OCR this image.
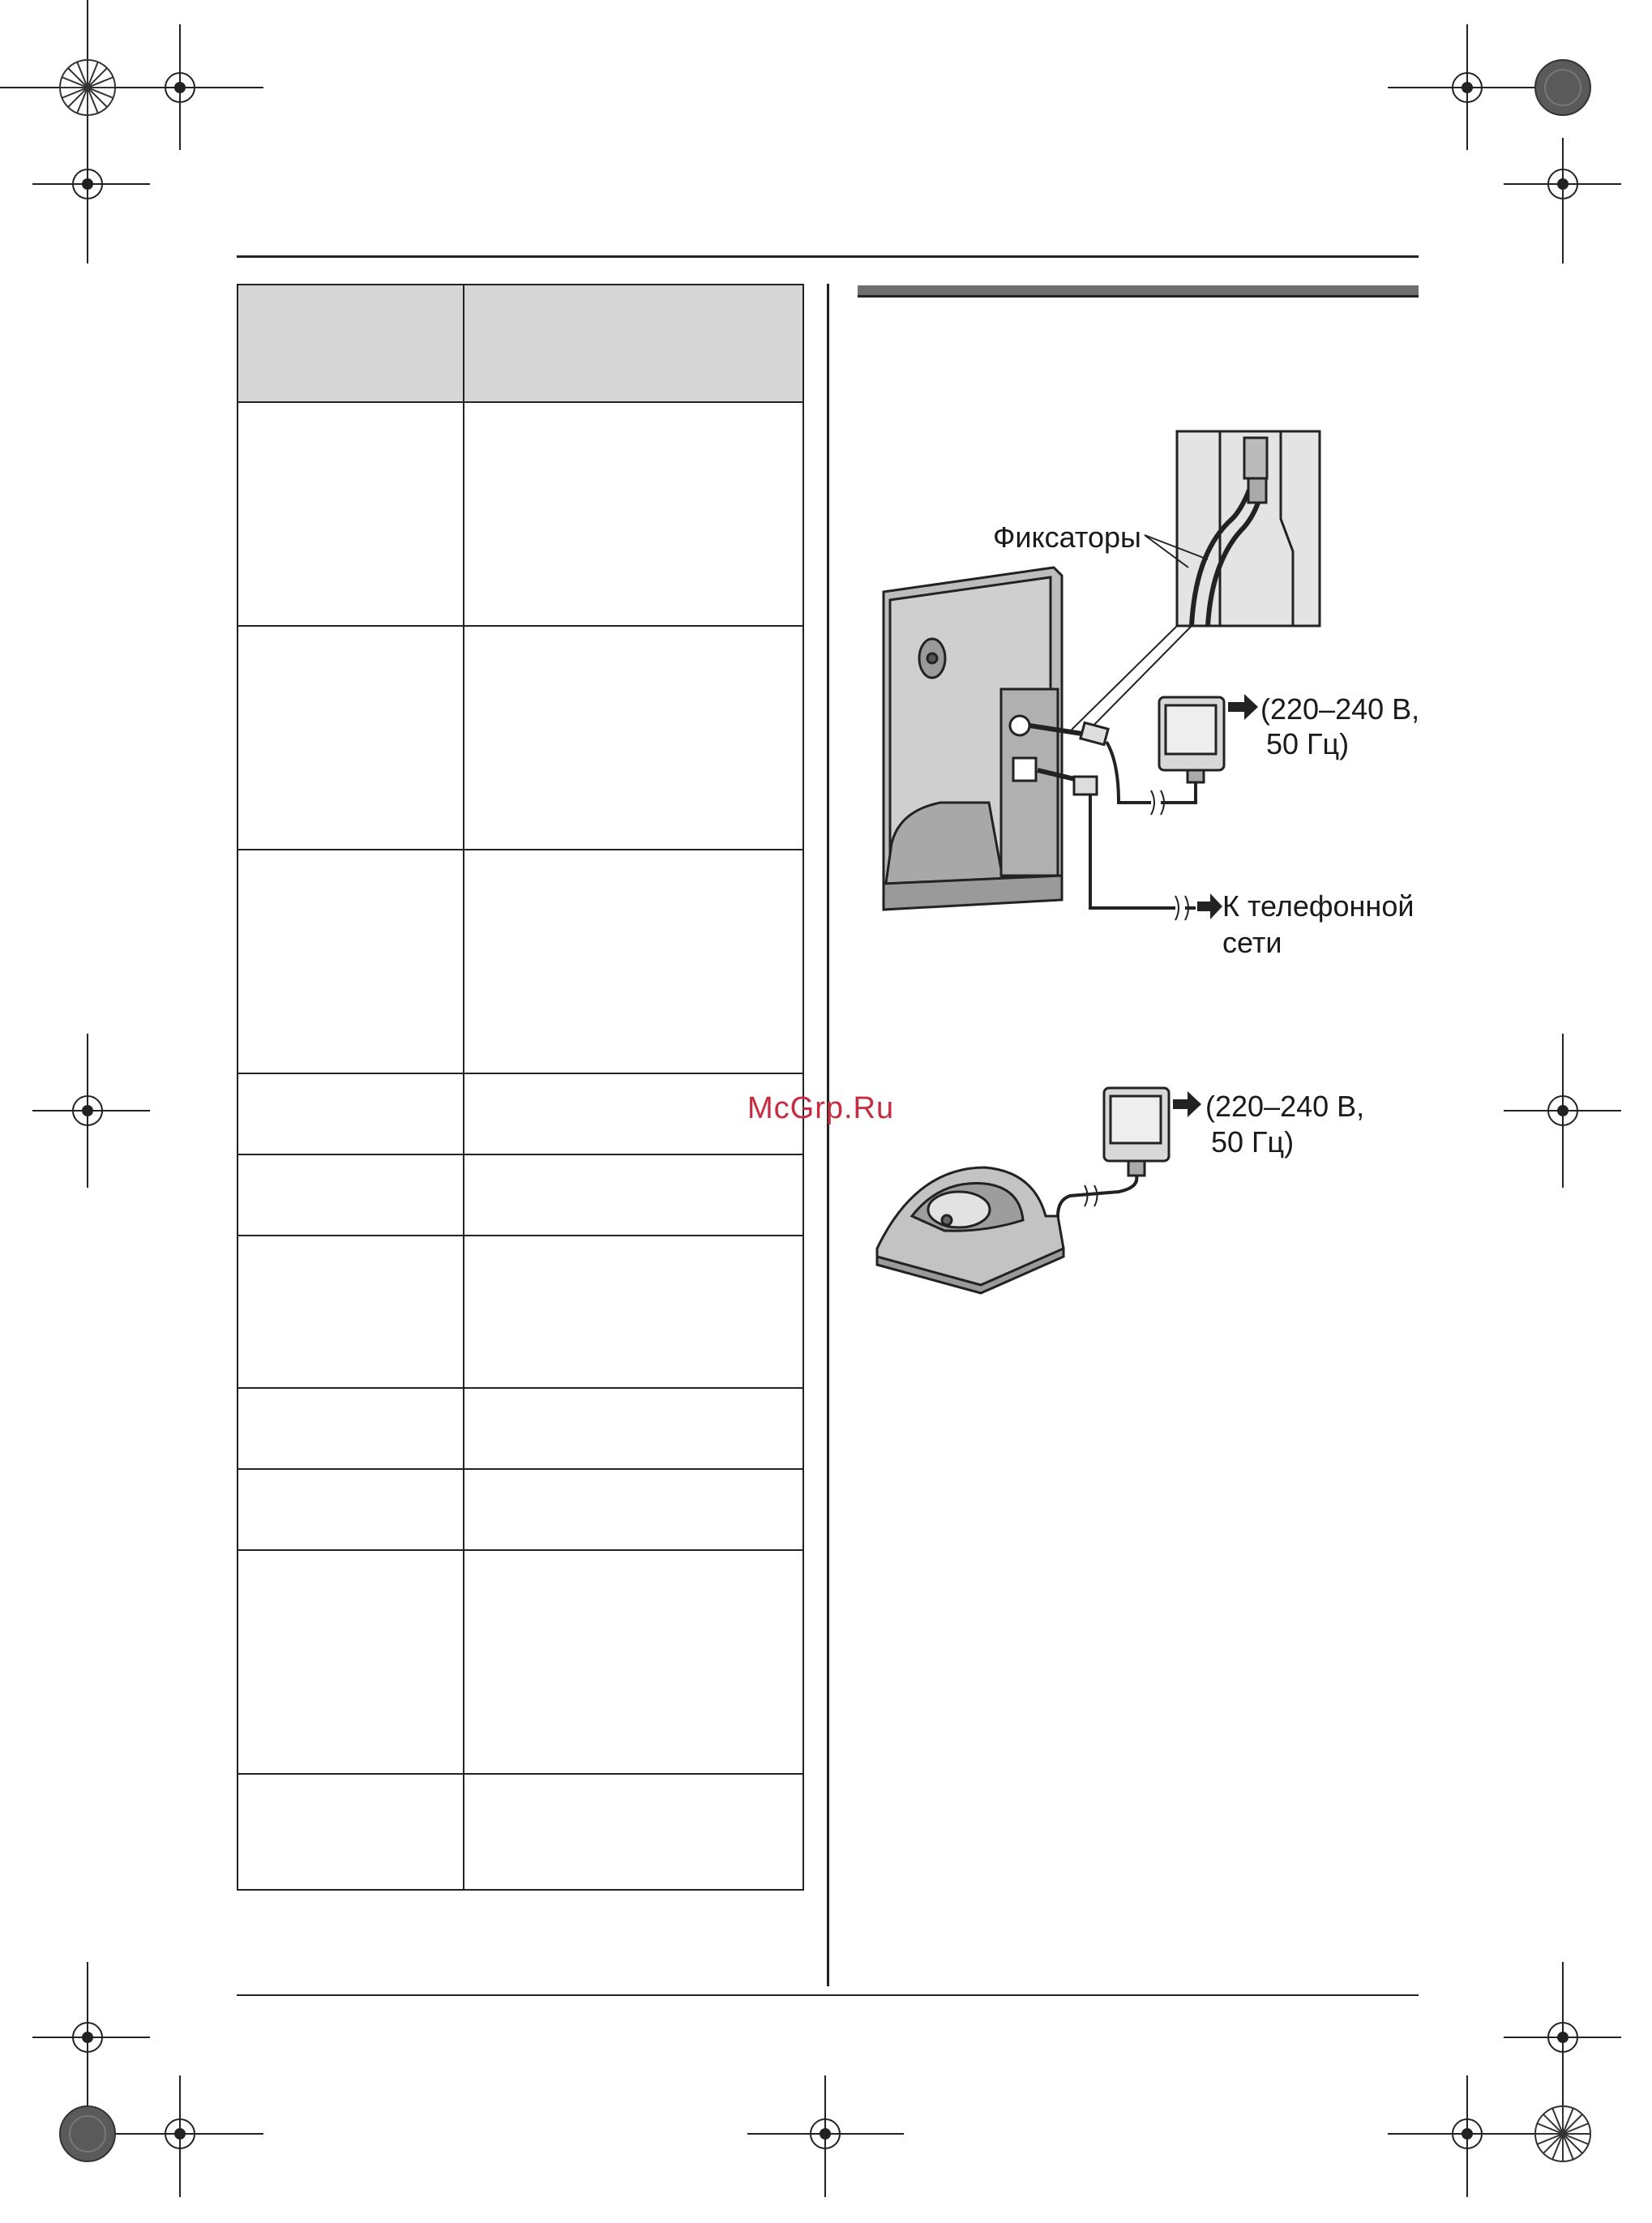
Фиксаторы
(220–240 В,
50 Гц)
К телефонной
сети
(220–240 В,
50 Гц)
McGrp.Ru
